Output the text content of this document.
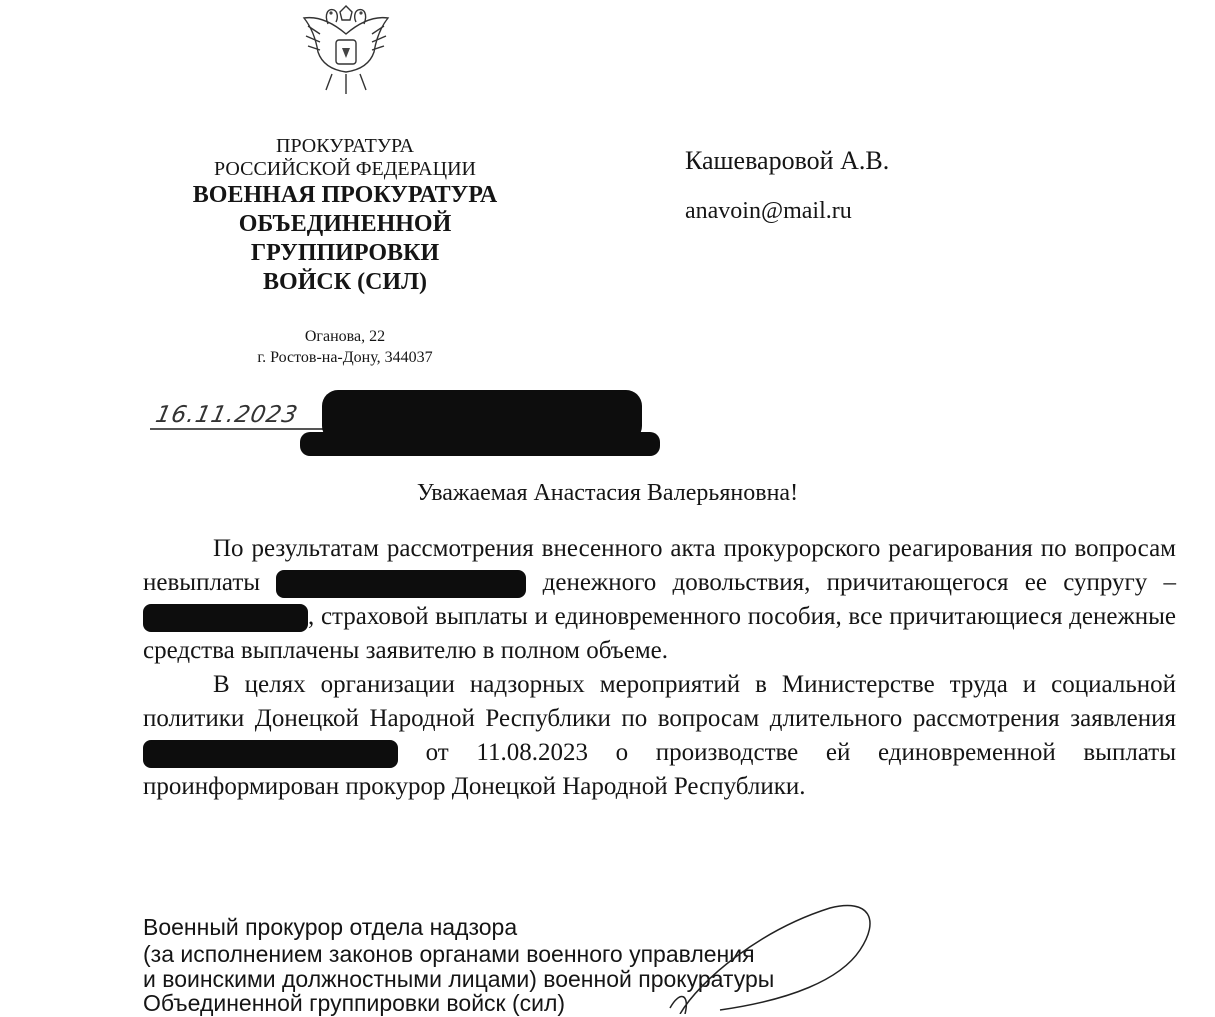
ПРОКУРАТУРА
РОССИЙСКОЙ ФЕДЕРАЦИИ
ВОЕННАЯ ПРОКУРАТУРА
ОБЪЕДИНЕННОЙ
ГРУППИРОВКИ
ВОЙСК (СИЛ)
Оганова, 22
г. Ростов-на-Дону, 344037
16.11.2023
Кашеваровой А.В.
anavoin@mail.ru
Уважаемая Анастасия Валерьяновна!

По результатам рассмотрения внесенного акта прокурорского реагирования по вопросам невыплаты	денежного довольствия, причитающегося ее супругу – , страховой выплаты и единовременного пособия, все причитающиеся денежные средства выплачены заявителю в полном объеме.

В целях организации надзорных мероприятий в Министерстве труда и социальной политики Донецкой Народной Республики по вопросам длительного рассмотрения заявления  от 11.08.2023 о производстве ей единовременной выплаты проинформирован прокурор Донецкой Народной Республики.

Военный прокурор отдела надзора
(за исполнением законов органами военного управления
и воинскими должностными лицами) военной прокуратуры
Объединенной группировки войск (сил)
